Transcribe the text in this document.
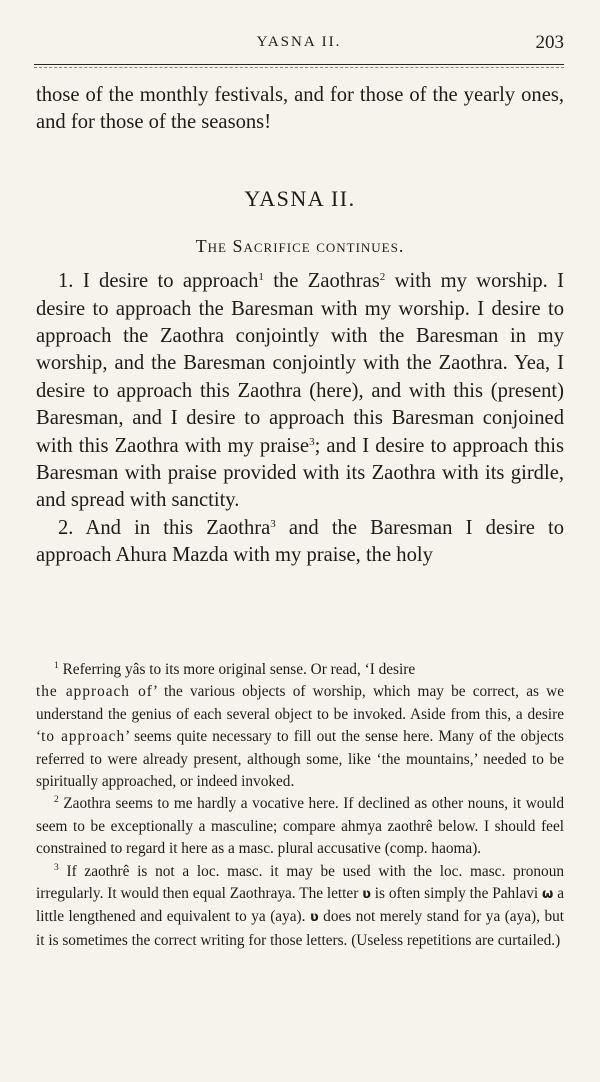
YASNA II.	203

those of the monthly festivals, and for those of the yearly ones, and for those of the seasons!

YASNA II.

The Sacrifice continues.

1. I desire to approach$^1$ the Zaothras$^2$ with my worship. I desire to approach the Baresman with my worship. I desire to approach the Zaothra conjointly with the Baresman in my worship, and the Baresman conjointly with the Zaothra. Yea, I desire to approach this Zaothra (here), and with this (present) Baresman, and I desire to approach this Baresman conjoined with this Zaothra with my praise$^3$; and I desire to approach this Baresman with praise provided with its Zaothra with its girdle, and spread with sanctity.

2. And in this Zaothra$^3$ and the Baresman I desire to approach Ahura Mazda with my praise, the holy

$^1$ Referring yâs to its more original sense. Or read, ‘I desire
the approach of’ the various objects of worship, which may be correct, as we understand the genius of each several object to be invoked. Aside from this, a desire ‘to approach’ seems quite necessary to fill out the sense here. Many of the objects referred to were already present, although some, like ‘the mountains,’ needed to be spiritually approached, or indeed invoked.

$^2$ Zaothra seems to me hardly a vocative here. If declined as other nouns, it would seem to be exceptionally a masculine; compare ahmya zaothrê below. I should feel constrained to regard it here as a masc. plural accusative (comp. haoma).

$^3$ If zaothrê is not a loc. masc. it may be used with the loc. masc. pronoun irregularly. It would then equal Zaothraya. The letter ʋ is often simply the Pahlavi ω a little lengthened and equivalent to ya (aya). ʋ does not merely stand for ya (aya), but it is sometimes the correct writing for those letters. (Useless repetitions are curtailed.)
